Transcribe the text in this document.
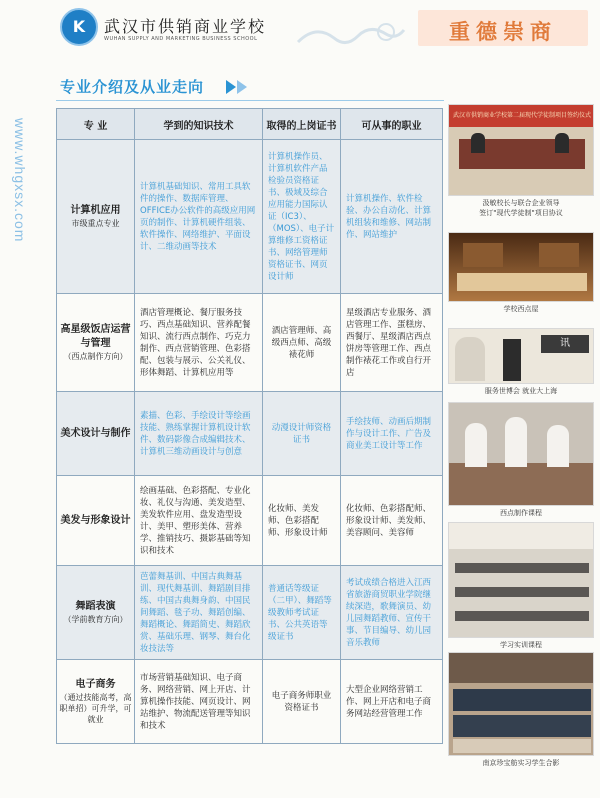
K	武汉市供销商业学校
WUHAN SUPPLY AND MARKETING BUSINESS SCHOOL	重德崇商
www.whgxsx.com
专业介绍及从业走向
专 业	学到的知识技术	取得的上岗证书	可从事的职业
计算机应用
市级重点专业	计算机基础知识、常用工具软件的操作、数据库管理、OFFICE办公软件的高级应用网页的制作、计算机硬件组装、软件操作、网络维护、平面设计、二维动画等技术	计算机操作员、计算机软件产品检验员资格证书、极域及综合应用能力国际认证（IC3）、（MOS）、电子计算维修工资格证书、网络管理师资格证书、网页设计师	计算机操作、软件检验、办公自动化、计算机组装和维修、网站制作、网站维护
高星级饭店运营与管理
（西点制作方向）	酒店管理概论、餐厅服务技巧、西点基础知识、营养配餐知识、流行西点制作、巧克力制作、西点营销管理、色彩搭配、包装与展示、公关礼仪、形体舞蹈、计算机应用等	酒店管理师、高级西点师、高级裱花师	星级酒店专业服务、酒店管理工作、蛋糕房、西餐厅、星级酒店西点饼房等管理工作、西点制作裱花工作或自行开店
美术设计与制作	素描、色彩、手绘设计等绘画技能、熟练掌握计算机设计软件、数码影像合成编辑技术、计算机三维动画设计与创意	动漫设计师资格证书	手绘技师、动画后期制作与设计工作、广告及商业美工设计等工作
美发与形象设计	绘画基础、色彩搭配、专业化妆、礼仪与沟通、美发造型、美发软件应用、盘发造型设计、美甲、塑形美体、营养学、推销技巧、摄影基础等知识和技术	化妆师、美发师、色彩搭配师、形象设计师	化妆师、色彩搭配师、形象设计师、美发师、美容顾问、美容师
舞蹈表演
（学前教育方向）	芭蕾舞基训、中国古典舞基训、现代舞基训、舞蹈剧目排练、中国古典舞身韵、中国民间舞蹈、毯子功、舞蹈创编、舞蹈概论、舞蹈简史、舞蹈欣赏、基础乐理、钢琴、舞台化妆技法等	普通话等级证（二甲）、舞蹈等级教师考试证书、公共英语等级证书	考试成绩合格进入江西省旅游商贸职业学院继续深造，歌舞演员、幼儿园舞蹈教师、宣传干事、节目编导、幼儿园音乐教师
电子商务
（通过技能高考，高职单招）可升学，可就业	市场营销基础知识、电子商务、网络营销、网上开店、计算机操作技能、网页设计、网站维护、物流配送管理等知识和技术	电子商务师职业资格证书	大型企业网络营销工作、网上开店和电子商务网站经营管理工作
武汉市供销商业学校第二届现代学徒制项目签约仪式
汲敏校长与联合企业领导
签订"现代学徒制"项目协议
学校西点屋
讯
服务世博会 就业大上海
西点制作课程
学习实训课程
南京珍宝舫实习学生合影
